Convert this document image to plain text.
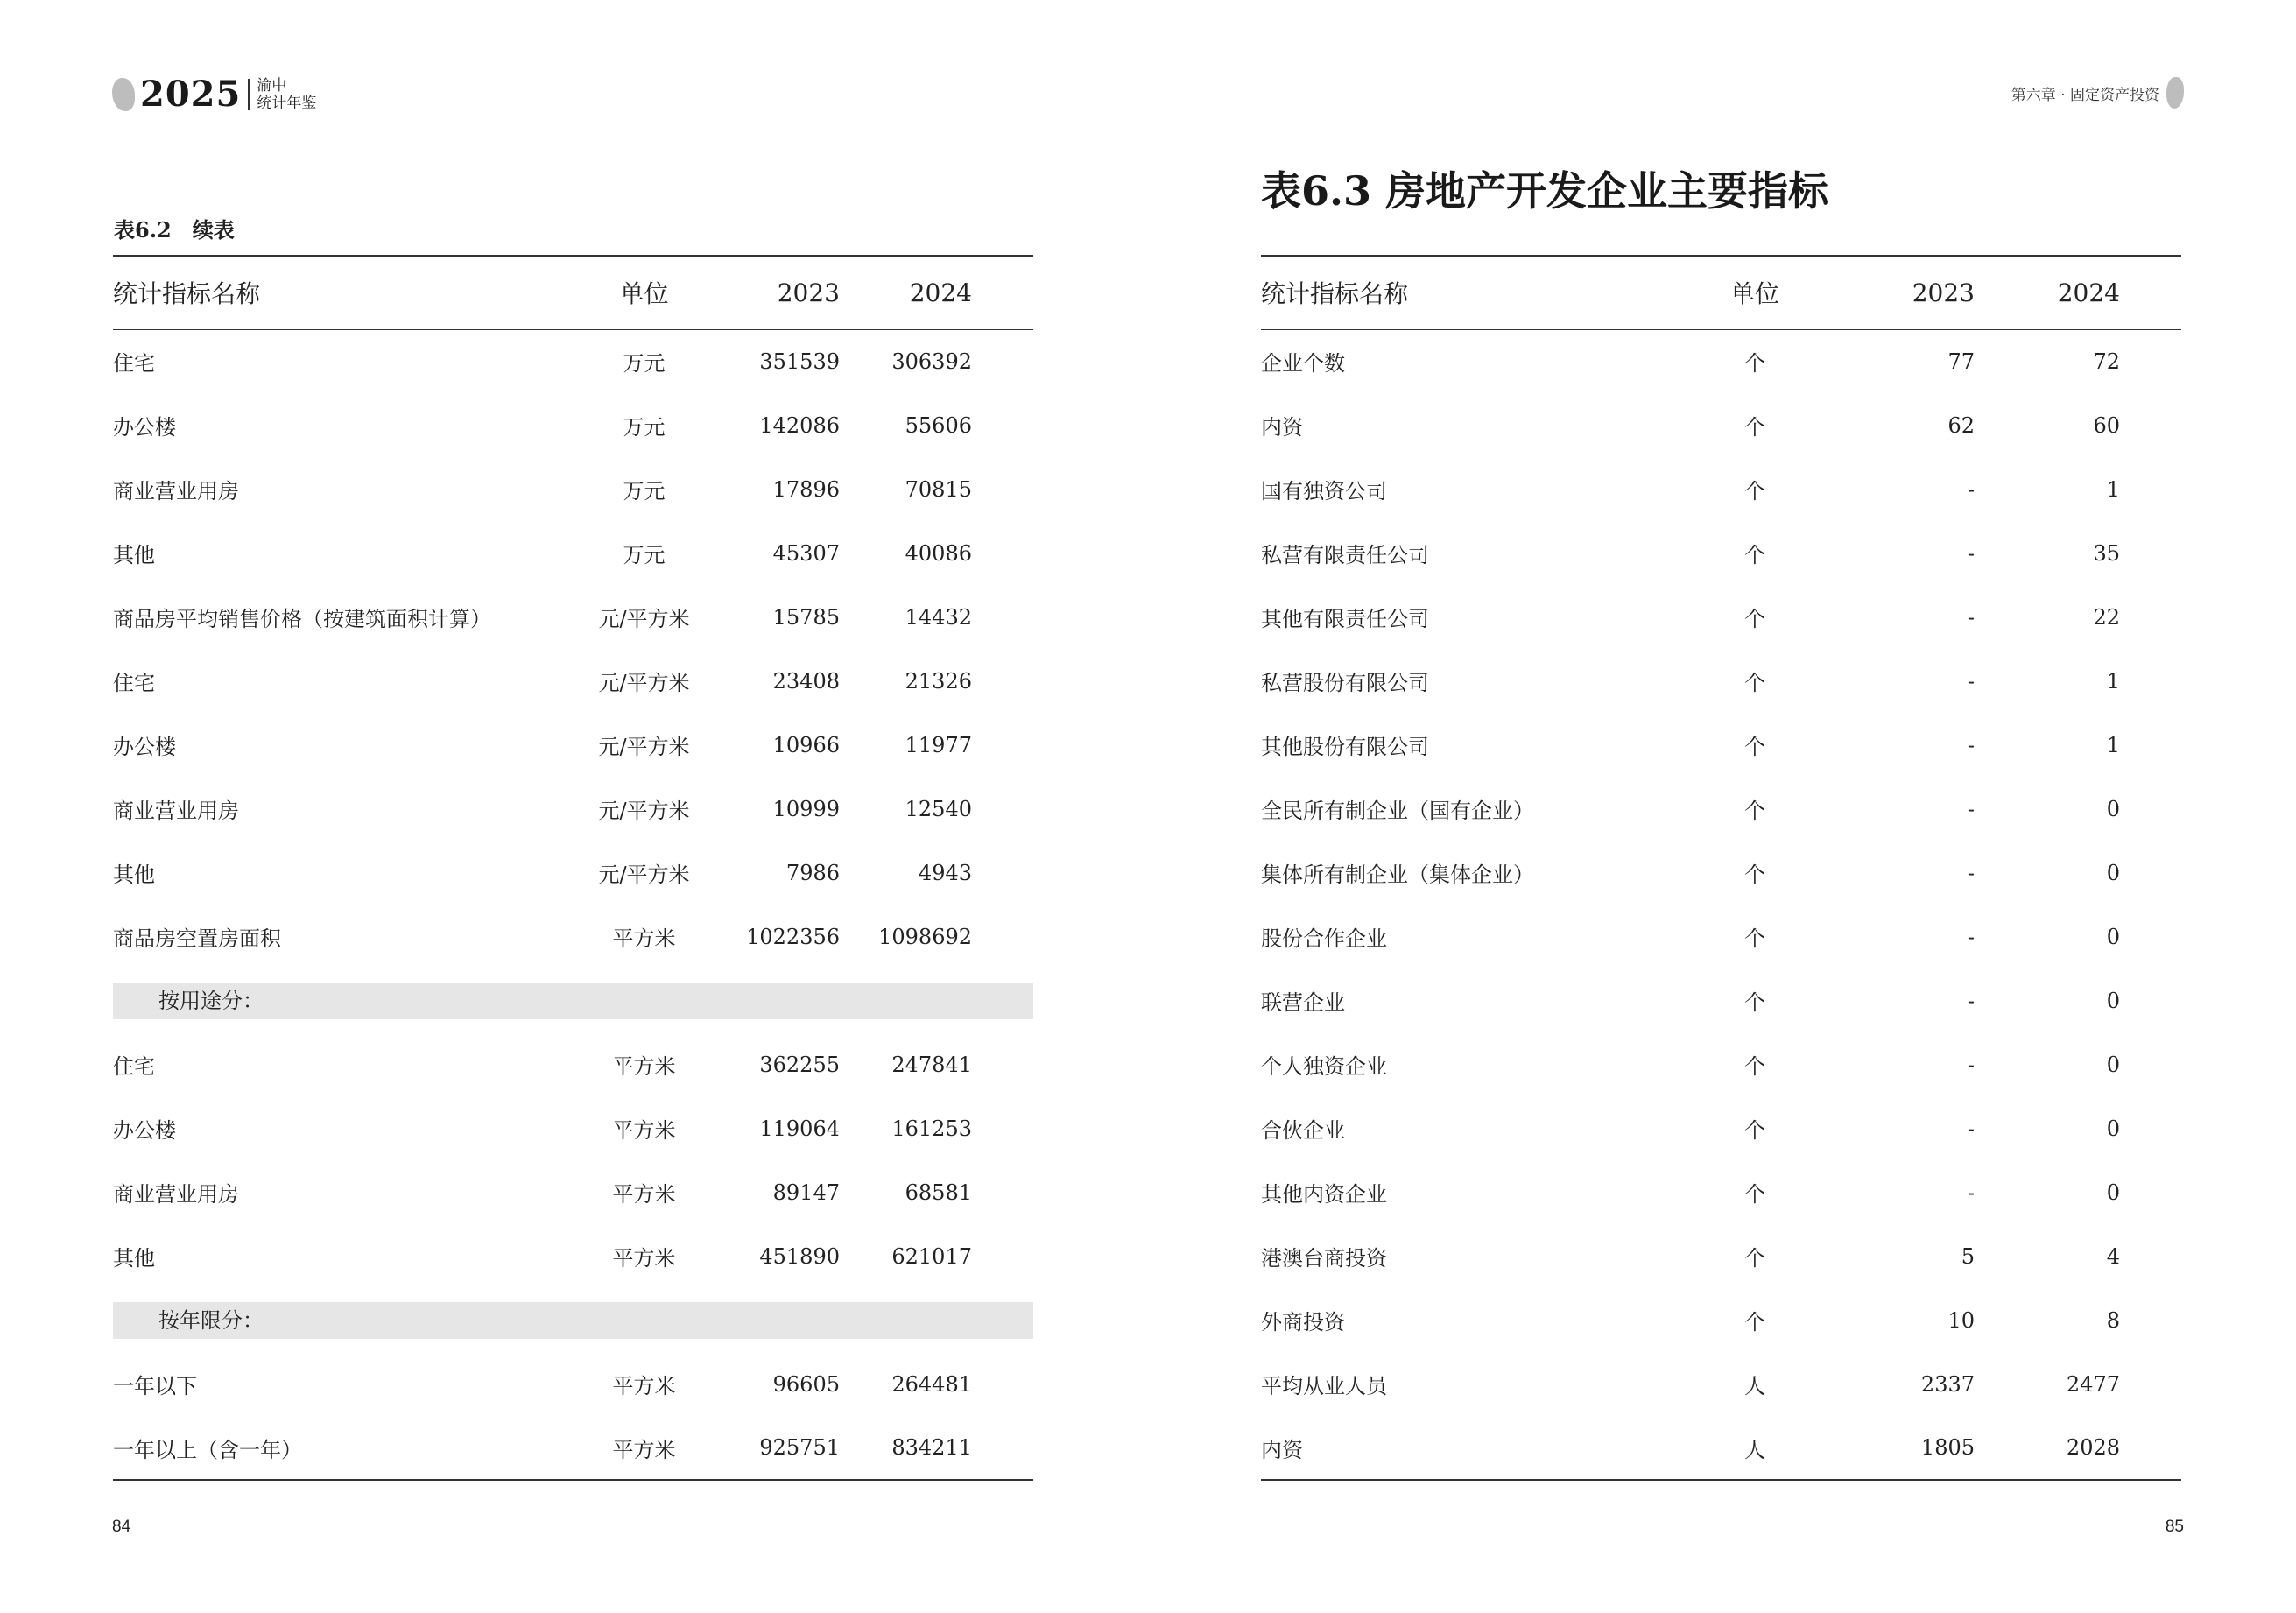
2025 渝中
统计年鉴	第六章 · 固定资产投资
表6.2　续表
统计指标名称	单位	2023	2024
住宅	万元	351539	306392
办公楼	万元	142086	55606
商业营业用房	万元	17896	70815
其他	万元	45307	40086
商品房平均销售价格（按建筑面积计算）	元/平方米	15785	14432
住宅	元/平方米	23408	21326
办公楼	元/平方米	10966	11977
商业营业用房	元/平方米	10999	12540
其他	元/平方米	7986	4943
商品房空置房面积	平方米	1022356	1098692

按用途分：			

住宅	平方米	362255	247841
办公楼	平方米	119064	161253
商业营业用房	平方米	89147	68581
其他	平方米	451890	621017

按年限分：			

一年以下	平方米	96605	264481
一年以上（含一年）	平方米	925751	834211
84
表6.3 房地产开发企业主要指标
统计指标名称	单位	2023	2024
企业个数	个	77	72
内资	个	62	60
国有独资公司	个	-	1
私营有限责任公司	个	-	35
其他有限责任公司	个	-	22
私营股份有限公司	个	-	1
其他股份有限公司	个	-	1
全民所有制企业（国有企业）	个	-	0
集体所有制企业（集体企业）	个	-	0
股份合作企业	个	-	0
联营企业	个	-	0
个人独资企业	个	-	0
合伙企业	个	-	0
其他内资企业	个	-	0
港澳台商投资	个	5	4
外商投资	个	10	8
平均从业人员	人	2337	2477
内资	人	1805	2028
85
